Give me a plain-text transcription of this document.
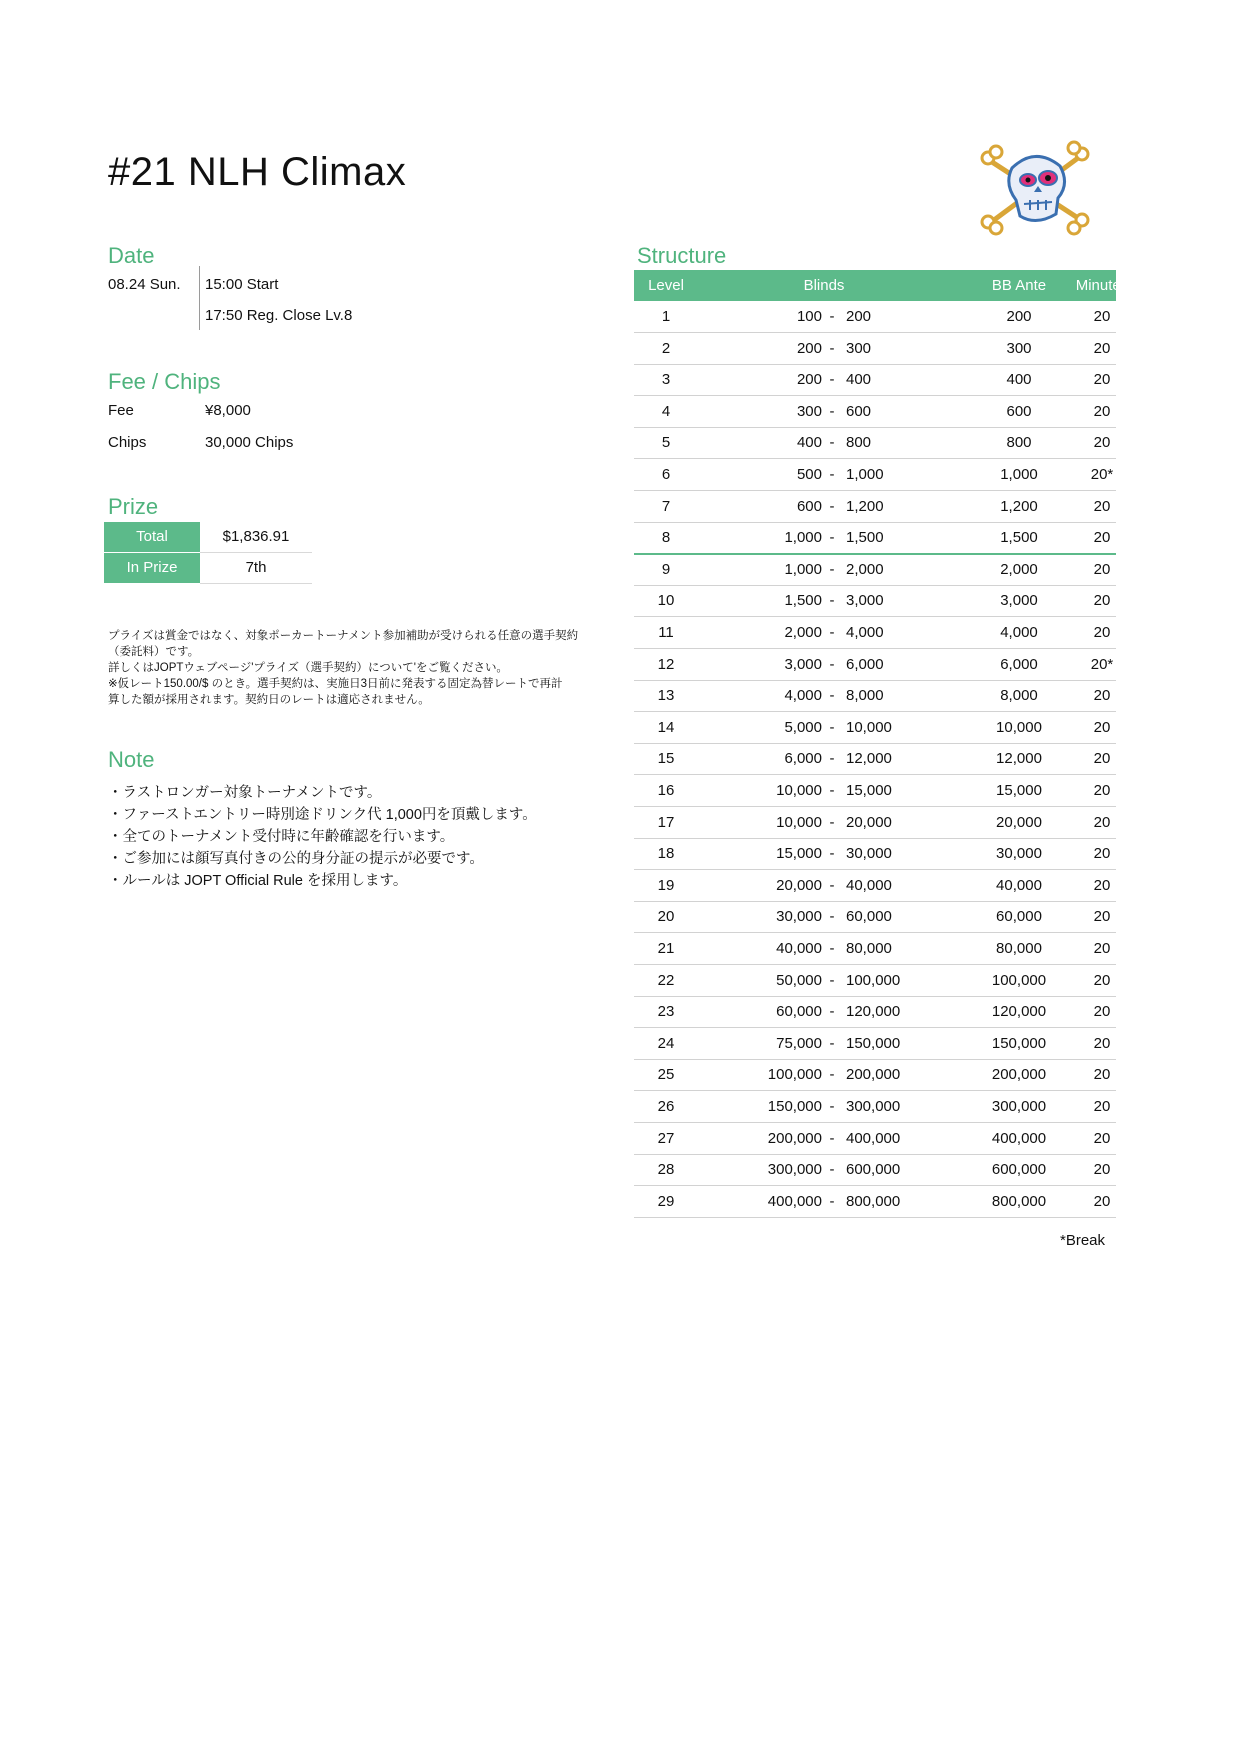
#21 NLH Climax
Date
08.24 Sun. 15:00 Start
17:50 Reg. Close Lv.8
Fee / Chips
Fee	¥8,000
Chips	30,000 Chips
Prize
Total	$1,836.91
In Prize	7th
プライズは賞金ではなく、対象ポーカートーナメント参加補助が受けられる任意の選手契約
（委託料）です。
詳しくはJOPTウェブページ'プライズ（選手契約）について'をご覧ください。
※仮レート150.00/$ のとき。選手契約は、実施日3日前に発表する固定為替レートで再計
算した額が採用されます。契約日のレートは適応されません。
Note
・ラストロンガー対象トーナメントです。
・ファーストエントリー時別途ドリンク代 1,000円を頂戴します。
・全てのトーナメント受付時に年齢確認を行います。
・ご参加には顔写真付きの公的身分証の提示が必要です。
・ルールは JOPT Official Rule を採用します。
Structure
Level	Blinds	BB Ante	Minutes
1	100 - 200	200	20
2	200 - 300	300	20
3	200 - 400	400	20
4	300 - 600	600	20
5	400 - 800	800	20
6	500 - 1,000	1,000	20*
7	600 - 1,200	1,200	20
8	1,000 - 1,500	1,500	20
9	1,000 - 2,000	2,000	20
10	1,500 - 3,000	3,000	20
11	2,000 - 4,000	4,000	20
12	3,000 - 6,000	6,000	20*
13	4,000 - 8,000	8,000	20
14	5,000 - 10,000	10,000	20
15	6,000 - 12,000	12,000	20
16	10,000 - 15,000	15,000	20
17	10,000 - 20,000	20,000	20
18	15,000 - 30,000	30,000	20
19	20,000 - 40,000	40,000	20
20	30,000 - 60,000	60,000	20
21	40,000 - 80,000	80,000	20
22	50,000 - 100,000	100,000	20
23	60,000 - 120,000	120,000	20
24	75,000 - 150,000	150,000	20
25	100,000 - 200,000	200,000	20
26	150,000 - 300,000	300,000	20
27	200,000 - 400,000	400,000	20
28	300,000 - 600,000	600,000	20
29	400,000 - 800,000	800,000	20
*Break
